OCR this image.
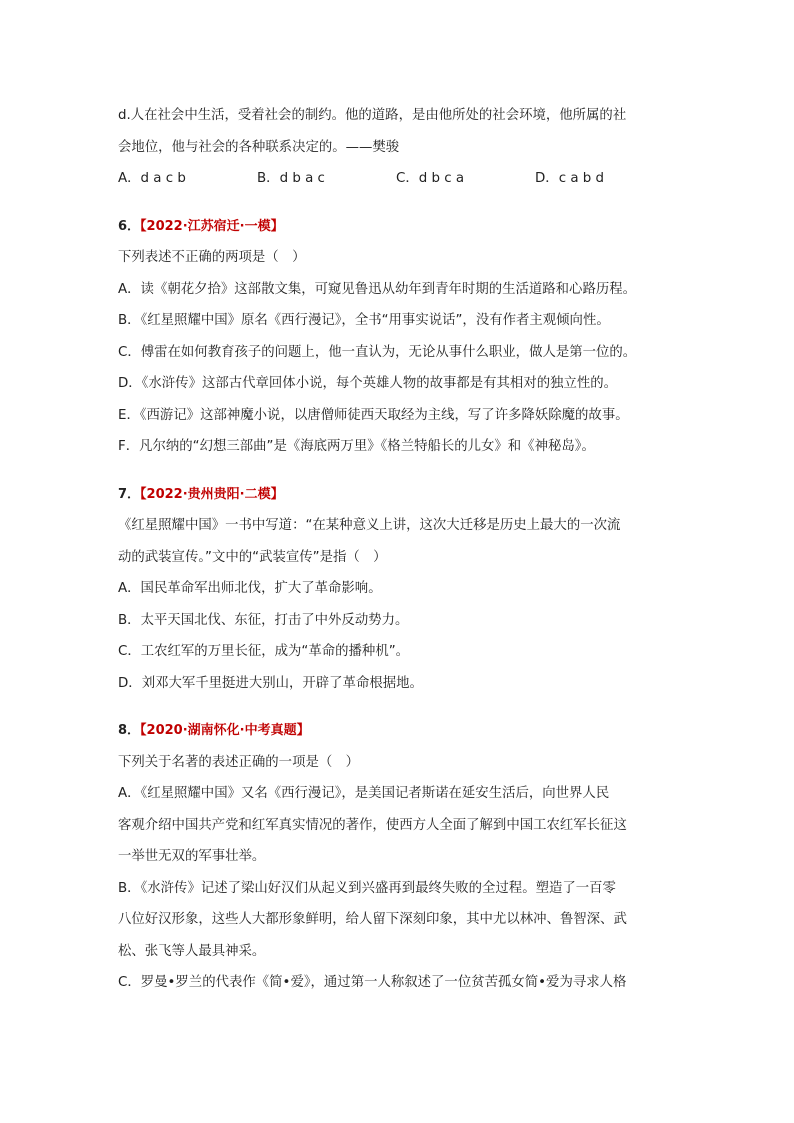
d.人在社会中生活，受着社会的制约。他的道路，是由他所处的社会环境，他所属的社
会地位，他与社会的各种联系决定的。——樊骏
A．d a c b	B．d b a c	C．d b c a	D．c a b d
6．【2022·江苏宿迁·一模】
下列表述不正确的两项是（　）
A．读《朝花夕拾》这部散文集，可窥见鲁迅从幼年到青年时期的生活道路和心路历程。
B．《红星照耀中国》原名《西行漫记》，全书“用事实说话”，没有作者主观倾向性。
C．傅雷在如何教育孩子的问题上，他一直认为，无论从事什么职业，做人是第一位的。
D．《水浒传》这部古代章回体小说，每个英雄人物的故事都是有其相对的独立性的。
E．《西游记》这部神魔小说，以唐僧师徒西天取经为主线，写了许多降妖除魔的故事。
F．凡尔纳的“幻想三部曲”是《海底两万里》《格兰特船长的儿女》和《神秘岛》。
7．【2022·贵州贵阳·二模】
《红星照耀中国》一书中写道：“在某种意义上讲，这次大迁移是历史上最大的一次流
动的武装宣传。”文中的“武装宣传”是指（　）
A．国民革命军出师北伐，扩大了革命影响。
B．太平天国北伐、东征，打击了中外反动势力。
C．工农红军的万里长征，成为“革命的播种机”。
D．刘邓大军千里挺进大别山，开辟了革命根据地。
8．【2020·湖南怀化·中考真题】
下列关于名著的表述正确的一项是（　）
A．《红星照耀中国》又名《西行漫记》，是美国记者斯诺在延安生活后，向世界人民
客观介绍中国共产党和红军真实情况的著作，使西方人全面了解到中国工农红军长征这
一举世无双的军事壮举。
B．《水浒传》记述了梁山好汉们从起义到兴盛再到最终失败的全过程。塑造了一百零
八位好汉形象，这些人大都形象鲜明，给人留下深刻印象，其中尤以林冲、鲁智深、武
松、张飞等人最具神采。
C．罗曼•罗兰的代表作《简•爱》，通过第一人称叙述了一位贫苦孤女简•爱为寻求人格
